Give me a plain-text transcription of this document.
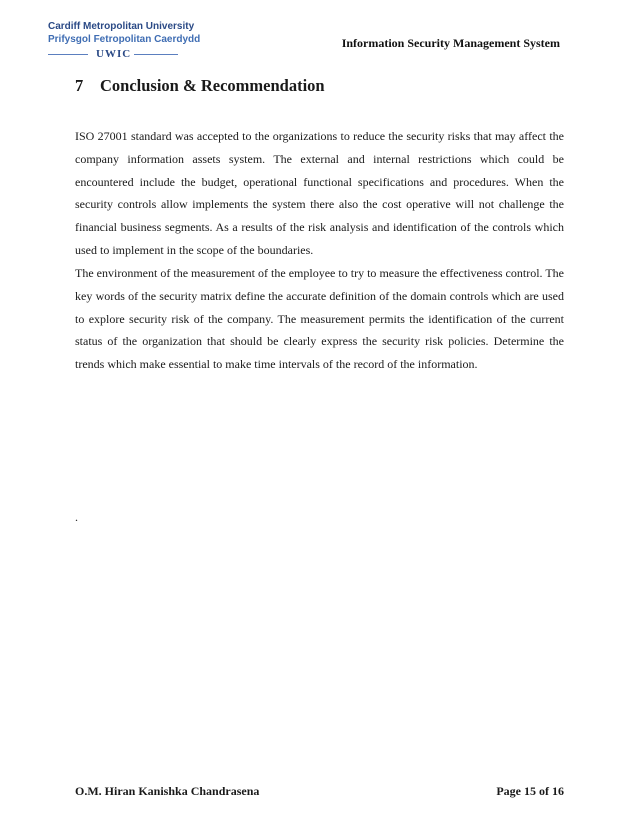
Cardiff Metropolitan University
Prifysgol Fetropolitan Caerdydd
UWIC
Information Security Management System
7 Conclusion & Recommendation

ISO 27001 standard was accepted to the organizations to reduce the security risks that may affect the company information assets system. The external and internal restrictions which could be encountered include the budget, operational functional specifications and procedures. When the security controls allow implements the system there also the cost operative will not challenge the financial business segments. As a results of the risk analysis and identification of the controls which used to implement in the scope of the boundaries.

The environment of the measurement of the employee to try to measure the effectiveness control. The key words of the security matrix define the accurate definition of the domain controls which are used to explore security risk of the company. The measurement permits the identification of the current status of the organization that should be clearly express the security risk policies. Determine the trends which make essential to make time intervals of the record of the information.

.
O.M. Hiran Kanishka Chandrasena	Page 15 of 16
